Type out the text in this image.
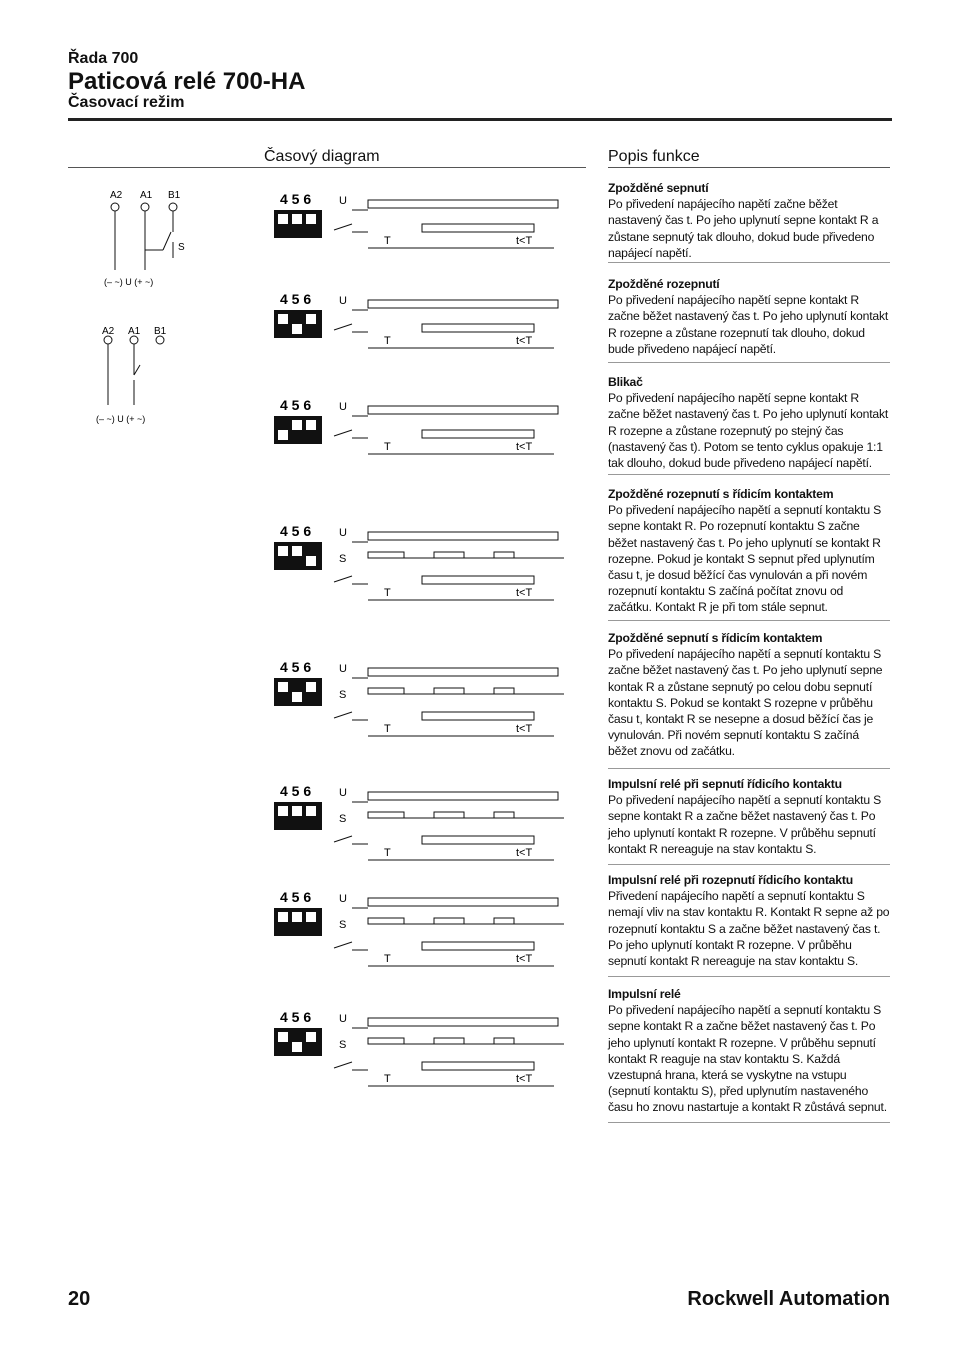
Řada 700
Paticová relé 700-HA
Časovací režim
Časový diagram	Popis funkce
A2 A1 B1
S
(– ~) U (+ ~)
A2 A1 B1
(– ~) U (+ ~)
4 5 6	U
T	t<T
4 5 6	U
T	t<T
4 5 6	U
T	t<T
4 5 6	U
S
T	t<T
4 5 6	U
S
T	t<T
4 5 6	U
S
T	t<T
4 5 6	U
S
T	t<T
4 5 6	U
S
T	t<T
Zpožděné sepnutí
Po přivedení napájecího napětí začne běžet nastavený čas t. Po jeho uplynutí sepne kontakt R a zůstane sepnutý tak dlouho, dokud bude přivedeno napájecí napětí.
Zpožděné rozepnutí
Po přivedení napájecího napětí sepne kontakt R začne běžet nastavený čas t. Po jeho uplynutí kontakt R rozepne a zůstane rozepnutí tak dlouho, dokud bude přivedeno napájecí napětí.
Blikač
Po přivedení napájecího napětí sepne kontakt R začne běžet nastavený čas t. Po jeho uplynutí kontakt R rozepne a zůstane rozepnutý po stejný čas (nastavený čas t). Potom se tento cyklus opakuje 1:1 tak dlouho, dokud bude přivedeno napájecí napětí.
Zpožděné rozepnutí s řídicím kontaktem
Po přivedení napájecího napětí a sepnutí kontaktu S sepne kontakt R. Po rozepnutí kontaktu S začne běžet nastavený čas t. Po jeho uplynutí se kontakt R rozepne. Pokud je kontakt S sepnut před uplynutím času t, je dosud běžící čas vynulován a při novém rozepnutí kontaktu S začíná počítat znovu od začátku. Kontakt R je při tom stále sepnut.
Zpožděné sepnutí s řídicím kontaktem
Po přivedení napájecího napětí a sepnutí kontaktu S začne běžet nastavený čas t. Po jeho uplynutí sepne kontak R a zůstane sepnutý po celou dobu sepnutí kontaktu S. Pokud se kontakt S rozepne v průběhu času t, kontakt R se nesepne a dosud běžící čas je vynulován. Při novém sepnutí kontaktu S začíná běžet znovu od začátku.
Impulsní relé při sepnutí řídicího kontaktu
Po přivedení napájecího napětí a sepnutí kontaktu S sepne kontakt R a začne běžet nastavený čas t. Po jeho uplynutí kontakt R rozepne. V průběhu sepnutí kontakt R nereaguje na stav kontaktu S.
Impulsní relé při rozepnutí řídicího kontaktu
Přivedení napájecího napětí a sepnutí kontaktu S nemají vliv na stav kontaktu R. Kontakt R sepne až po rozepnutí kontaktu S a začne běžet nastavený čas t. Po jeho uplynutí kontakt R rozepne. V průběhu sepnutí kontakt R nereaguje na stav kontaktu S.
Impulsní relé
Po přivedení napájecího napětí a sepnutí kontaktu S sepne kontakt R a začne běžet nastavený čas t. Po jeho uplynutí kontakt R rozepne. V průběhu sepnutí kontakt R reaguje na stav kontaktu S. Každá vzestupná hrana, která se vyskytne na vstupu (sepnutí kontaktu S), před uplynutím nastaveného času ho znovu nastartuje a kontakt R zůstává sepnut.
20	Rockwell Automation
